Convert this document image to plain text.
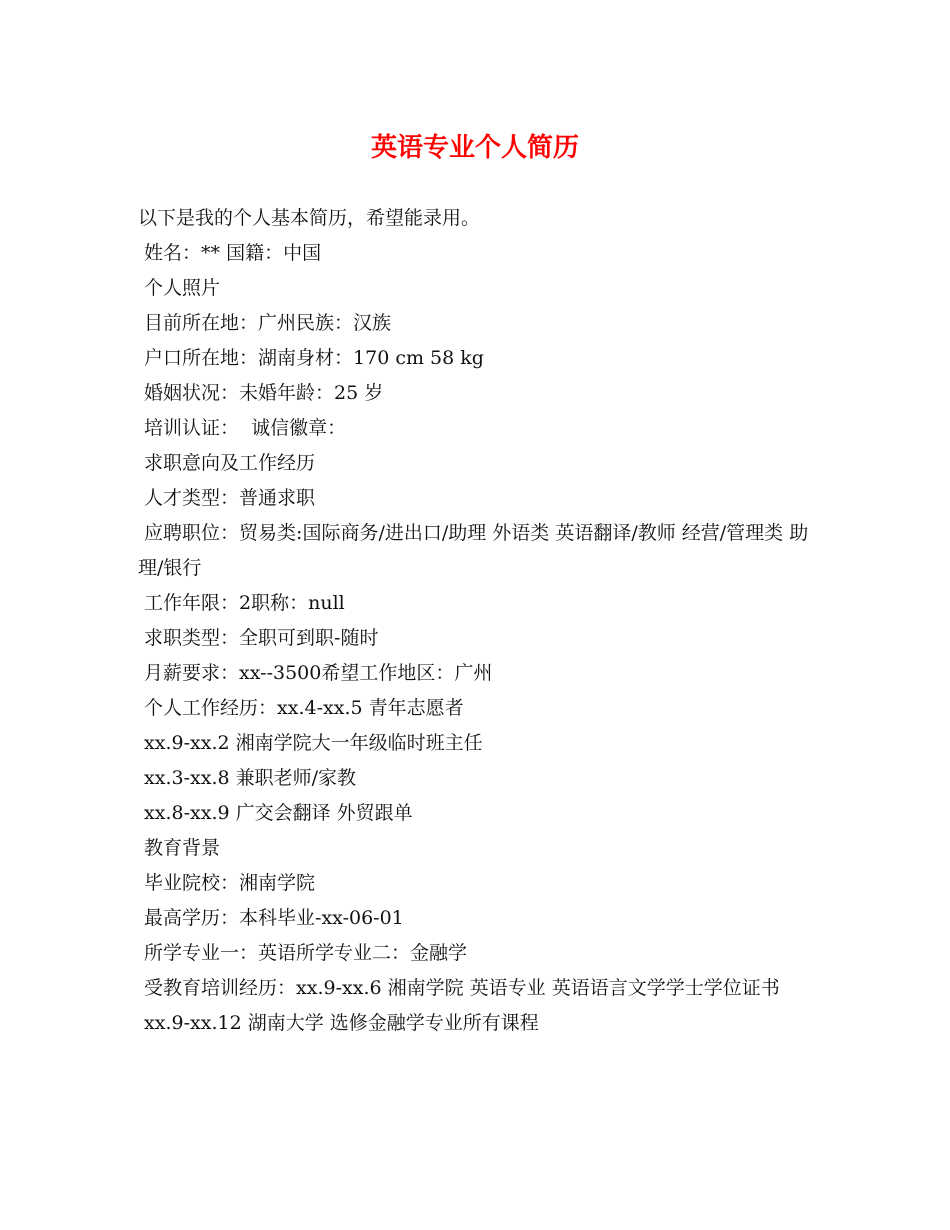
英语专业个人简历
以下是我的个人基本简历，希望能录用。
姓名：** 国籍：中国
个人照片
目前所在地：广州民族：汉族
户口所在地：湖南身材：170 cm 58 kg
婚姻状况：未婚年龄：25 岁
培训认证：  诚信徽章：
求职意向及工作经历
人才类型：普通求职
应聘职位：贸易类:国际商务/进出口/助理 外语类 英语翻译/教师 经营/管理类 助理/银行
工作年限：2职称：null
求职类型：全职可到职-随时
月薪要求：xx--3500希望工作地区：广州
个人工作经历：xx.4-xx.5 青年志愿者
xx.9-xx.2 湘南学院大一年级临时班主任
xx.3-xx.8 兼职老师/家教
xx.8-xx.9 广交会翻译 外贸跟单
教育背景
毕业院校：湘南学院
最高学历：本科毕业-xx-06-01
所学专业一：英语所学专业二：金融学
受教育培训经历：xx.9-xx.6 湘南学院 英语专业 英语语言文学学士学位证书
xx.9-xx.12 湖南大学 选修金融学专业所有课程
